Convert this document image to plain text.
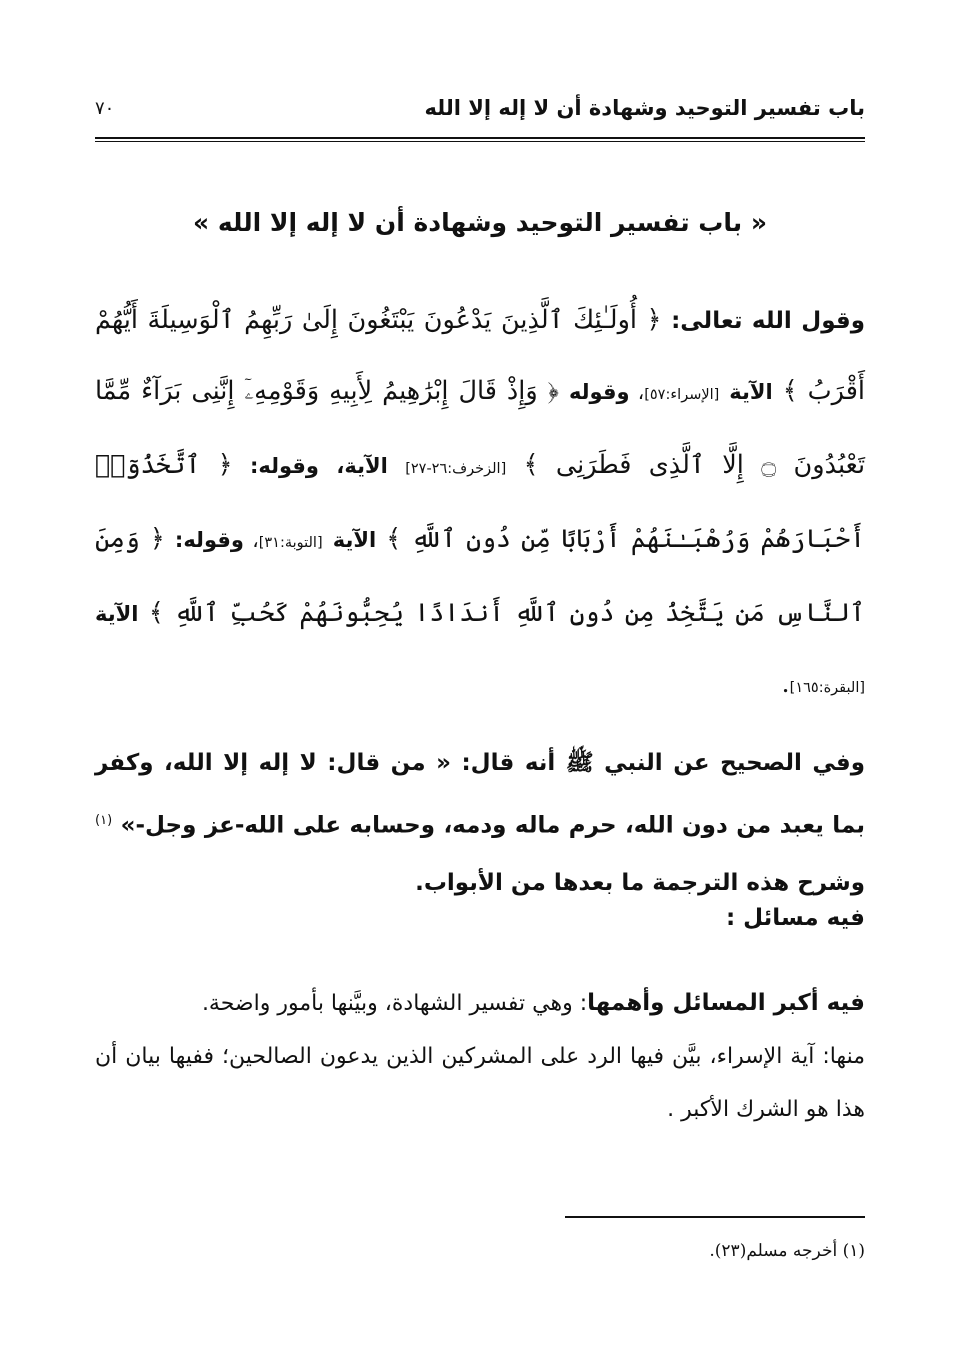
باب تفسير التوحيد وشهادة أن لا إله إلا الله
٧٠
« باب تفسير التوحيد وشهادة أن لا إله إلا الله »
وقول الله تعالى: ﴿ أُولَـٰئِكَ ٱلَّذِينَ يَدْعُونَ يَبْتَغُونَ إِلَىٰ رَبِّهِمُ ٱلْوَسِيلَةَ أَيُّهُمْ أَقْرَبُ ﴾ الآية [الإسراء:٥٧]، وقوله ﴿ وَإِذْ قَالَ إِبْرَٰهِيمُ لِأَبِيهِ وَقَوْمِهِۦٓ إِنَّنِى بَرَآءٌ مِّمَّا تَعْبُدُونَ ۝ إِلَّا ٱلَّذِى فَطَرَنِى ﴾ [الزخرف:٢٦-٢٧] الآية، وقوله: ﴿ ٱتَّخَذُوٓا۟ أَحْبَارَهُمْ وَرُهْبَـٰنَهُمْ أَرْبَابًا مِّن دُونِ ٱللَّهِ ﴾ الآية [التوبة:٣١]، وقوله: ﴿ وَمِنَ ٱلنَّاسِ مَن يَتَّخِذُ مِن دُونِ ٱللَّهِ أَندَادًا يُحِبُّونَهُمْ كَحُبِّ ٱللَّهِ ﴾ الآية [البقرة:١٦٥].
وفي الصحيح عن النبي ﷺ أنه قال: « من قال: لا إله إلا الله، وكفر بما يعبد من دون الله، حرم ماله ودمه، وحسابه على الله-عز وجل-» $^{(١)}$ وشرح هذه الترجمة ما بعدها من الأبواب.
فيه مسائل :
فيه أكبر المسائل وأهمها: وهي تفسير الشهادة، وبيَّنها بأمور واضحة.
منها: آية الإسراء، بيَّن فيها الرد على المشركين الذين يدعون الصالحين؛ ففيها بيان أن هذا هو الشرك الأكبر .
(١) أخرجه مسلم(٢٣).
